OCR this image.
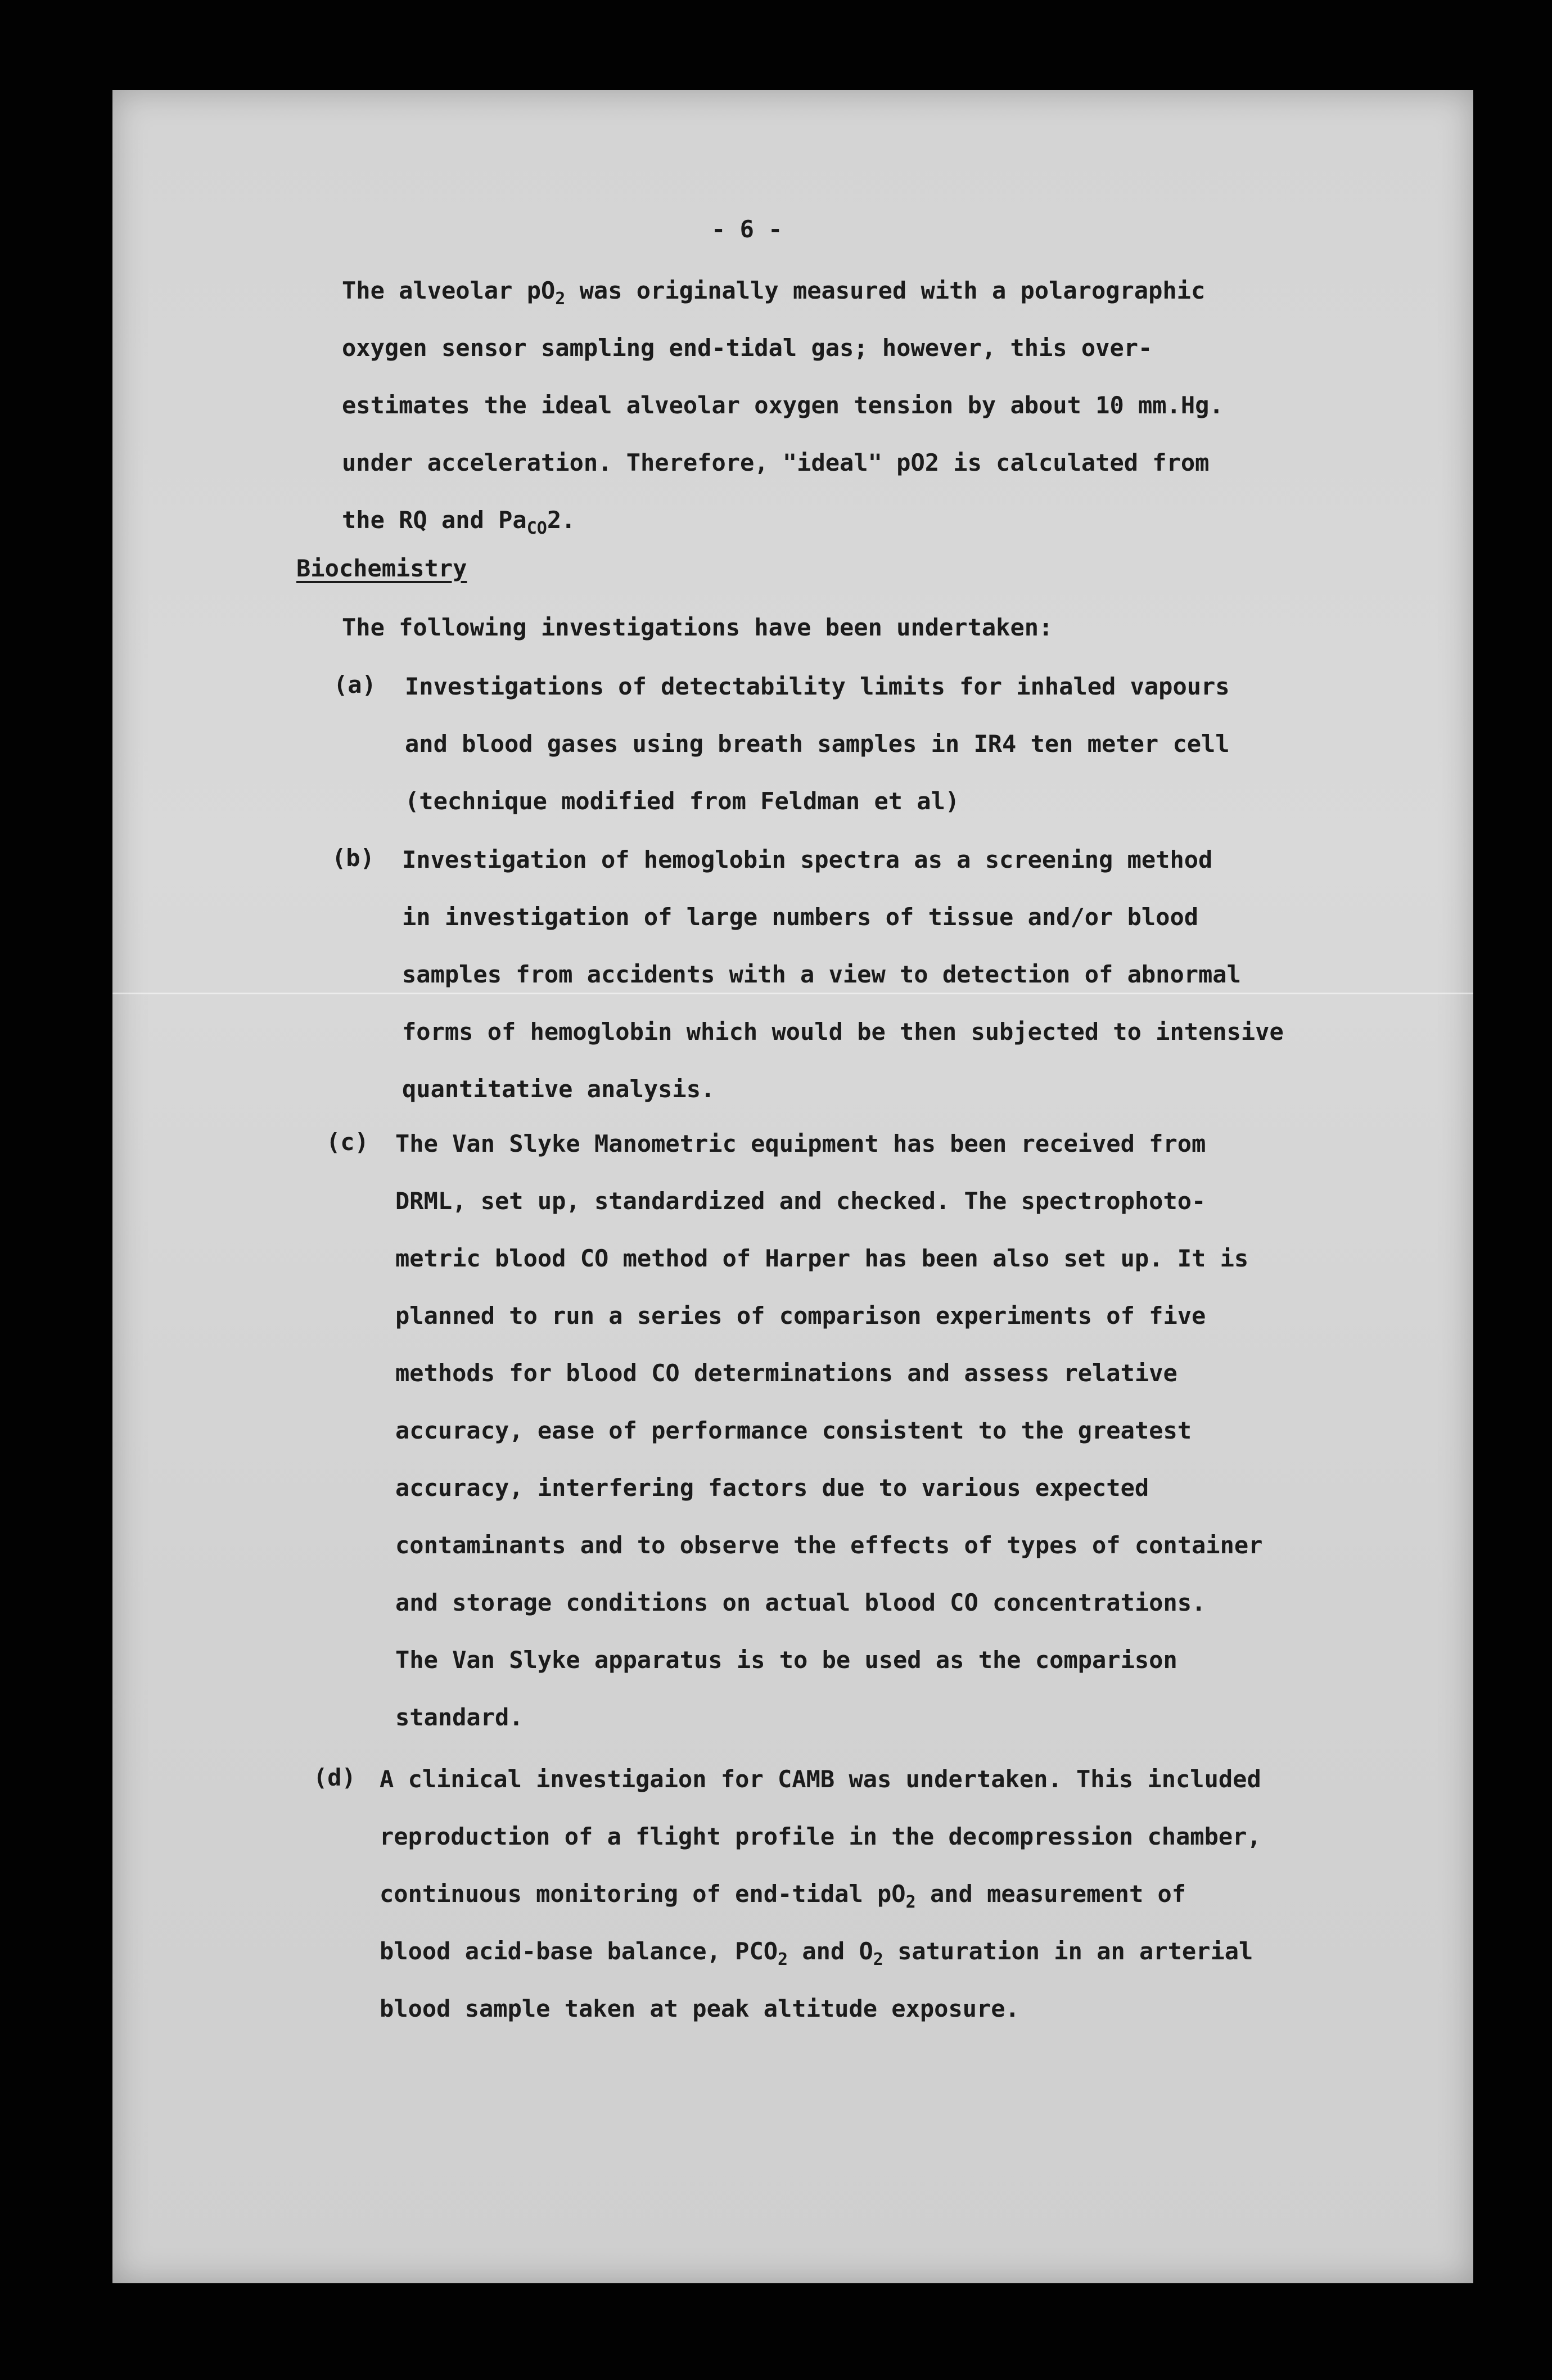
- 6 -
The alveolar $pO_2$ was originally measured with a polarographic
oxygen sensor sampling end-tidal gas; however, this over-
estimates the ideal alveolar oxygen tension by about 10 mm.Hg.
under acceleration. Therefore, "ideal" pO2 is calculated from
the RQ and $Pa_{CO}2$.
Biochemistry
The following investigations have been undertaken:
(a) Investigations of detectability limits for inhaled vapours
and blood gases using breath samples in IR4 ten meter cell
(technique modified from Feldman et al)
(b) Investigation of hemoglobin spectra as a screening method
in investigation of large numbers of tissue and/or blood
samples from accidents with a view to detection of abnormal
forms of hemoglobin which would be then subjected to intensive
quantitative analysis.
(c) The Van Slyke Manometric equipment has been received from
DRML, set up, standardized and checked. The spectrophoto-
metric blood CO method of Harper has been also set up. It is
planned to run a series of comparison experiments of five
methods for blood CO determinations and assess relative
accuracy, ease of performance consistent to the greatest
accuracy, interfering factors due to various expected
contaminants and to observe the effects of types of container
and storage conditions on actual blood CO concentrations.
The Van Slyke apparatus is to be used as the comparison
standard.
(d) A clinical investigaion for CAMB was undertaken. This included
reproduction of a flight profile in the decompression chamber,
continuous monitoring of end-tidal $pO_2$ and measurement of
blood acid-base balance, $PCO_2$ and $O_2$ saturation in an arterial
blood sample taken at peak altitude exposure.
